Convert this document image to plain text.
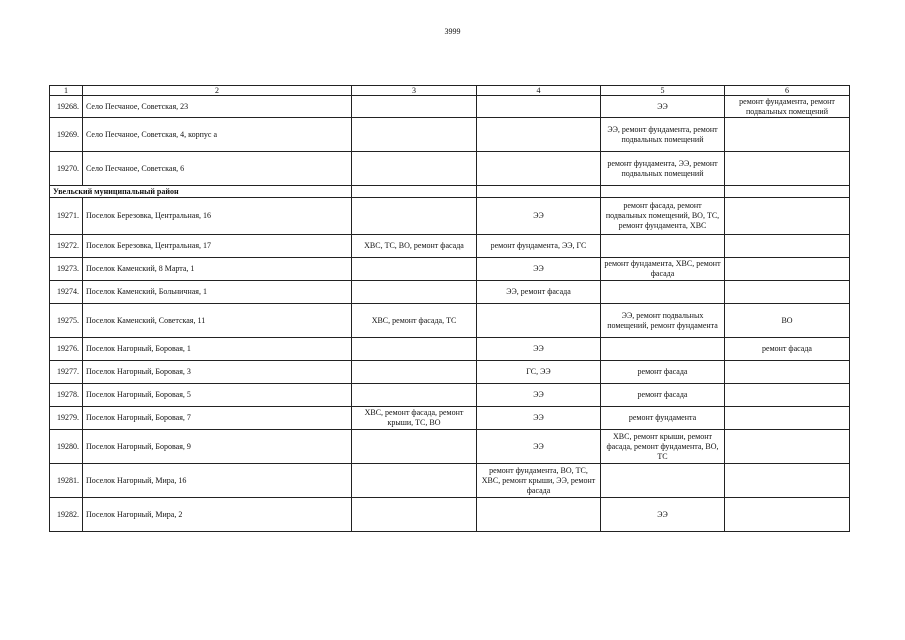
3999
1	2	3	4	5	6
19268.	Село Песчаное, Советская, 23			ЭЭ	ремонт фундамента, ремонт подвальных помещений
19269.	Село Песчаное, Советская, 4, корпус а			ЭЭ, ремонт фундамента, ремонт подвальных помещений	
19270.	Село Песчаное, Советская, 6			ремонт фундамента, ЭЭ, ремонт подвальных помещений	
Увельский муниципальный район					
19271.	Поселок Березовка, Центральная, 16		ЭЭ	ремонт фасада, ремонт подвальных помещений, ВО, ТС, ремонт фундамента, ХВС	
19272.	Поселок Березовка, Центральная, 17	ХВС, ТС, ВО, ремонт фасада	ремонт фундамента, ЭЭ, ГС		
19273.	Поселок Каменский, 8 Марта, 1		ЭЭ	ремонт фундамента, ХВС, ремонт фасада	
19274.	Поселок Каменский, Больничная, 1		ЭЭ, ремонт фасада		
19275.	Поселок Каменский, Советская, 11	ХВС, ремонт фасада, ТС		ЭЭ, ремонт подвальных помещений, ремонт фундамента	ВО
19276.	Поселок Нагорный, Боровая, 1		ЭЭ		ремонт фасада
19277.	Поселок Нагорный, Боровая, 3		ГС, ЭЭ	ремонт фасада	
19278.	Поселок Нагорный, Боровая, 5		ЭЭ	ремонт фасада	
19279.	Поселок Нагорный, Боровая, 7	ХВС, ремонт фасада, ремонт крыши, ТС, ВО	ЭЭ	ремонт фундамента	
19280.	Поселок Нагорный, Боровая, 9		ЭЭ	ХВС, ремонт крыши, ремонт фасада, ремонт фундамента, ВО, ТС	
19281.	Поселок Нагорный, Мира, 16		ремонт фундамента, ВО, ТС, ХВС, ремонт крыши, ЭЭ, ремонт фасада		
19282.	Поселок Нагорный, Мира, 2			ЭЭ	
